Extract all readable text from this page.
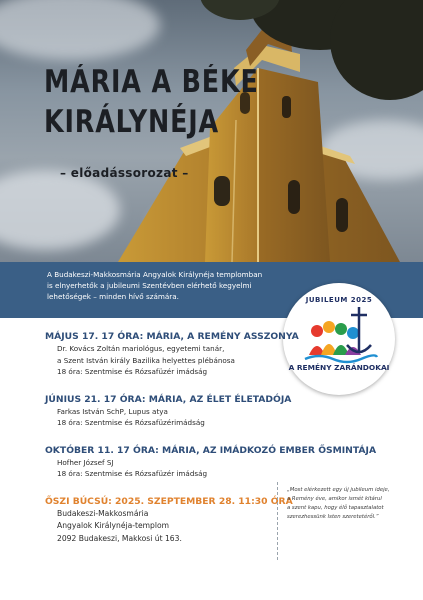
MÁRIA A BÉKE
KIRÁLYNÉJA
– előadássorozat –
A Budakeszi-Makkosmária Angyalok Királynéja templomban
is elnyerhetők a jubileumi Szentévben elérhető kegyelmi
lehetőségek – minden hívő számára.	JUBILEUM 2025
A REMÉNY ZARÁNDOKAI

MÁJUS 17. 17 ÓRA: MÁRIA, A REMÉNY ASSZONYA

Dr. Kovács Zoltán mariológus, egyetemi tanár,

a Szent István király Bazilika helyettes plébánosa

18 óra: Szentmise és Rózsafüzér imádság

JÚNIUS 21. 17 ÓRA: MÁRIA, AZ ÉLET ÉLETADÓJA

Farkas István SchP, Lupus atya

18 óra: Szentmise és Rózsafüzérimádság

OKTÓBER 11. 17 ÓRA: MÁRIA, AZ IMÁDKOZÓ EMBER ŐSMINTÁJA

Hofher József SJ

18 óra: Szentmise és Rózsafüzér imádság

ŐSZI BÚCSÚ: 2025. SZEPTEMBER 28. 11:30 ÓRA

Budakeszi-Makkosmária

Angyalok Királynéja-templom

2092 Budakeszi, Makkosi út 163.

„Most elérkezett egy új jubileum ideje,
a Remény éve, amikor ismét kitárul
a szent kapu, hogy élő tapasztalatot
szerezhessünk Isten szeretetéről.”
